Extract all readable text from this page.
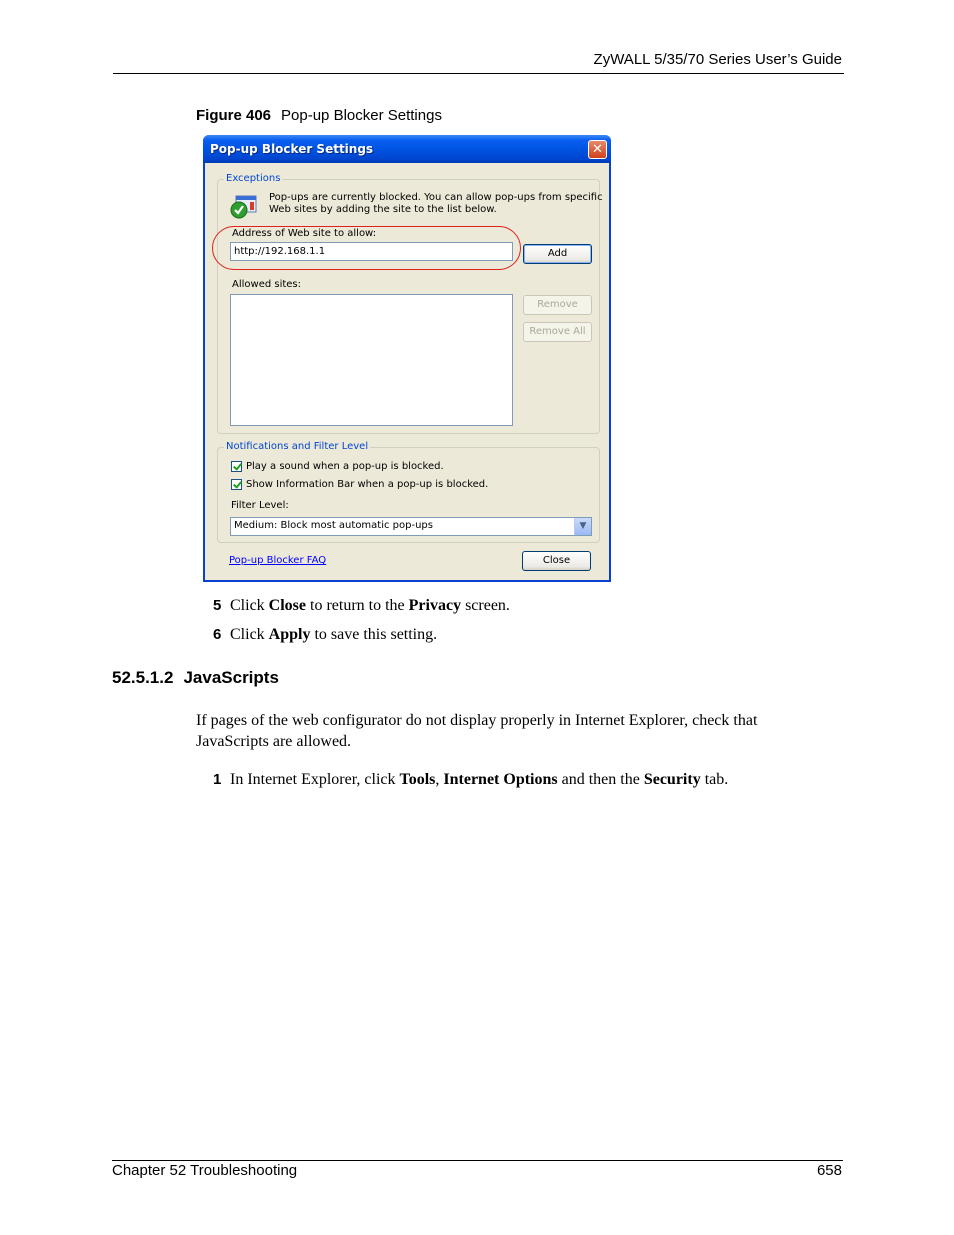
ZyWALL 5/35/70 Series User’s Guide
Figure 406 Pop-up Blocker Settings
Pop-up Blocker Settings	✕
Exceptions
Pop-ups are currently blocked. You can allow pop-ups from specific
Web sites by adding the site to the list below.
Address of Web site to allow:
http://192.168.1.1	Add
Allowed sites:
Remove
Remove All
Notifications and Filter Level
Play a sound when a pop-up is blocked.
Show Information Bar when a pop-up is blocked.
Filter Level:
Medium: Block most automatic pop-ups	▼
Pop-up Blocker FAQ	Close
5 Click Close to return to the Privacy screen.
6 Click Apply to save this setting.
52.5.1.2 JavaScripts
If pages of the web configurator do not display properly in Internet Explorer, check that JavaScripts are allowed.
1 In Internet Explorer, click Tools, Internet Options and then the Security tab.
Chapter 52 Troubleshooting	658
